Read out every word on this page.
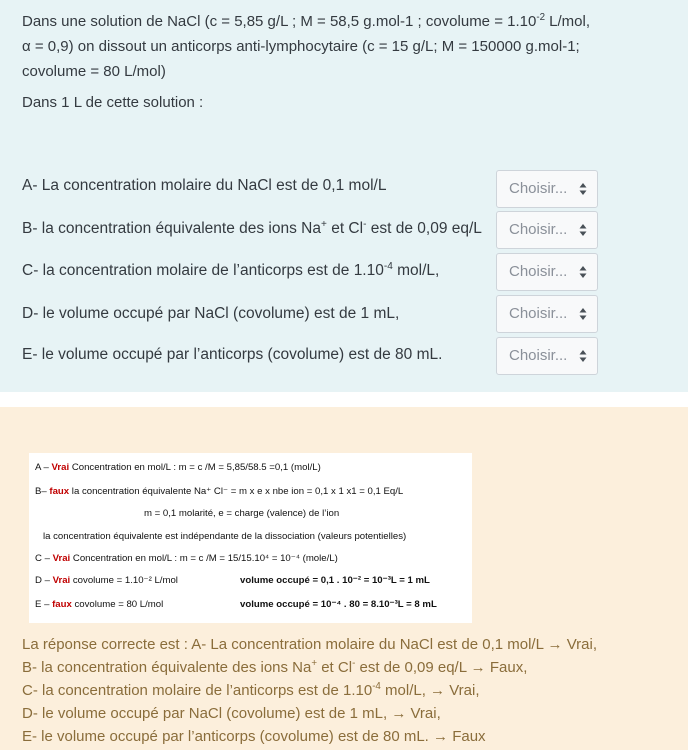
Dans une solution de NaCl (c = 5,85 g/L ; M = 58,5 g.mol-1 ; covolume = $1.10^{-2}$ L/mol,
α = 0,9) on dissout un anticorps anti-lymphocytaire (c = 15 g/L; M = 150000 g.mol-1;
covolume = 80 L/mol)
Dans 1 L de cette solution :
A- La concentration molaire du NaCl est de 0,1 mol/L	Choisir...
B- la concentration équivalente des ions Na+ et Cl- est de 0,09 eq/L	Choisir...
C- la concentration molaire de l’anticorps est de $1.10^{-4}$ mol/L,	Choisir...
D- le volume occupé par NaCl (covolume) est de 1 mL,	Choisir...
E- le volume occupé par l’anticorps (covolume) est de 80 mL.	Choisir...
A – Vrai Concentration en mol/L : m = c /M = 5,85/58.5 =0,1 (mol/L)
B– faux la concentration équivalente Na⁺ Cl⁻ = m x e x nbe ion = 0,1 x 1 x1 = 0,1 Eq/L
m = 0,1 molarité, e = charge (valence) de l’ion
la concentration équivalente est indépendante de la dissociation (valeurs potentielles)
C – Vrai Concentration en mol/L : m = c /M = 15/15.10⁴ = 10⁻⁴ (mole/L)
D – Vrai covolume = 1.10⁻² L/mol	volume occupé = 0,1 . 10⁻² = 10⁻³L = 1 mL
E – faux covolume = 80 L/mol	volume occupé = 10⁻⁴ . 80 = 8.10⁻³L = 8 mL
La réponse correcte est : A- La concentration molaire du NaCl est de 0,1 mol/L → Vrai,
B- la concentration équivalente des ions Na+ et Cl- est de 0,09 eq/L → Faux,
C- la concentration molaire de l’anticorps est de $1.10^{-4}$ mol/L, → Vrai,
D- le volume occupé par NaCl (covolume) est de 1 mL, → Vrai,
E- le volume occupé par l’anticorps (covolume) est de 80 mL. → Faux
